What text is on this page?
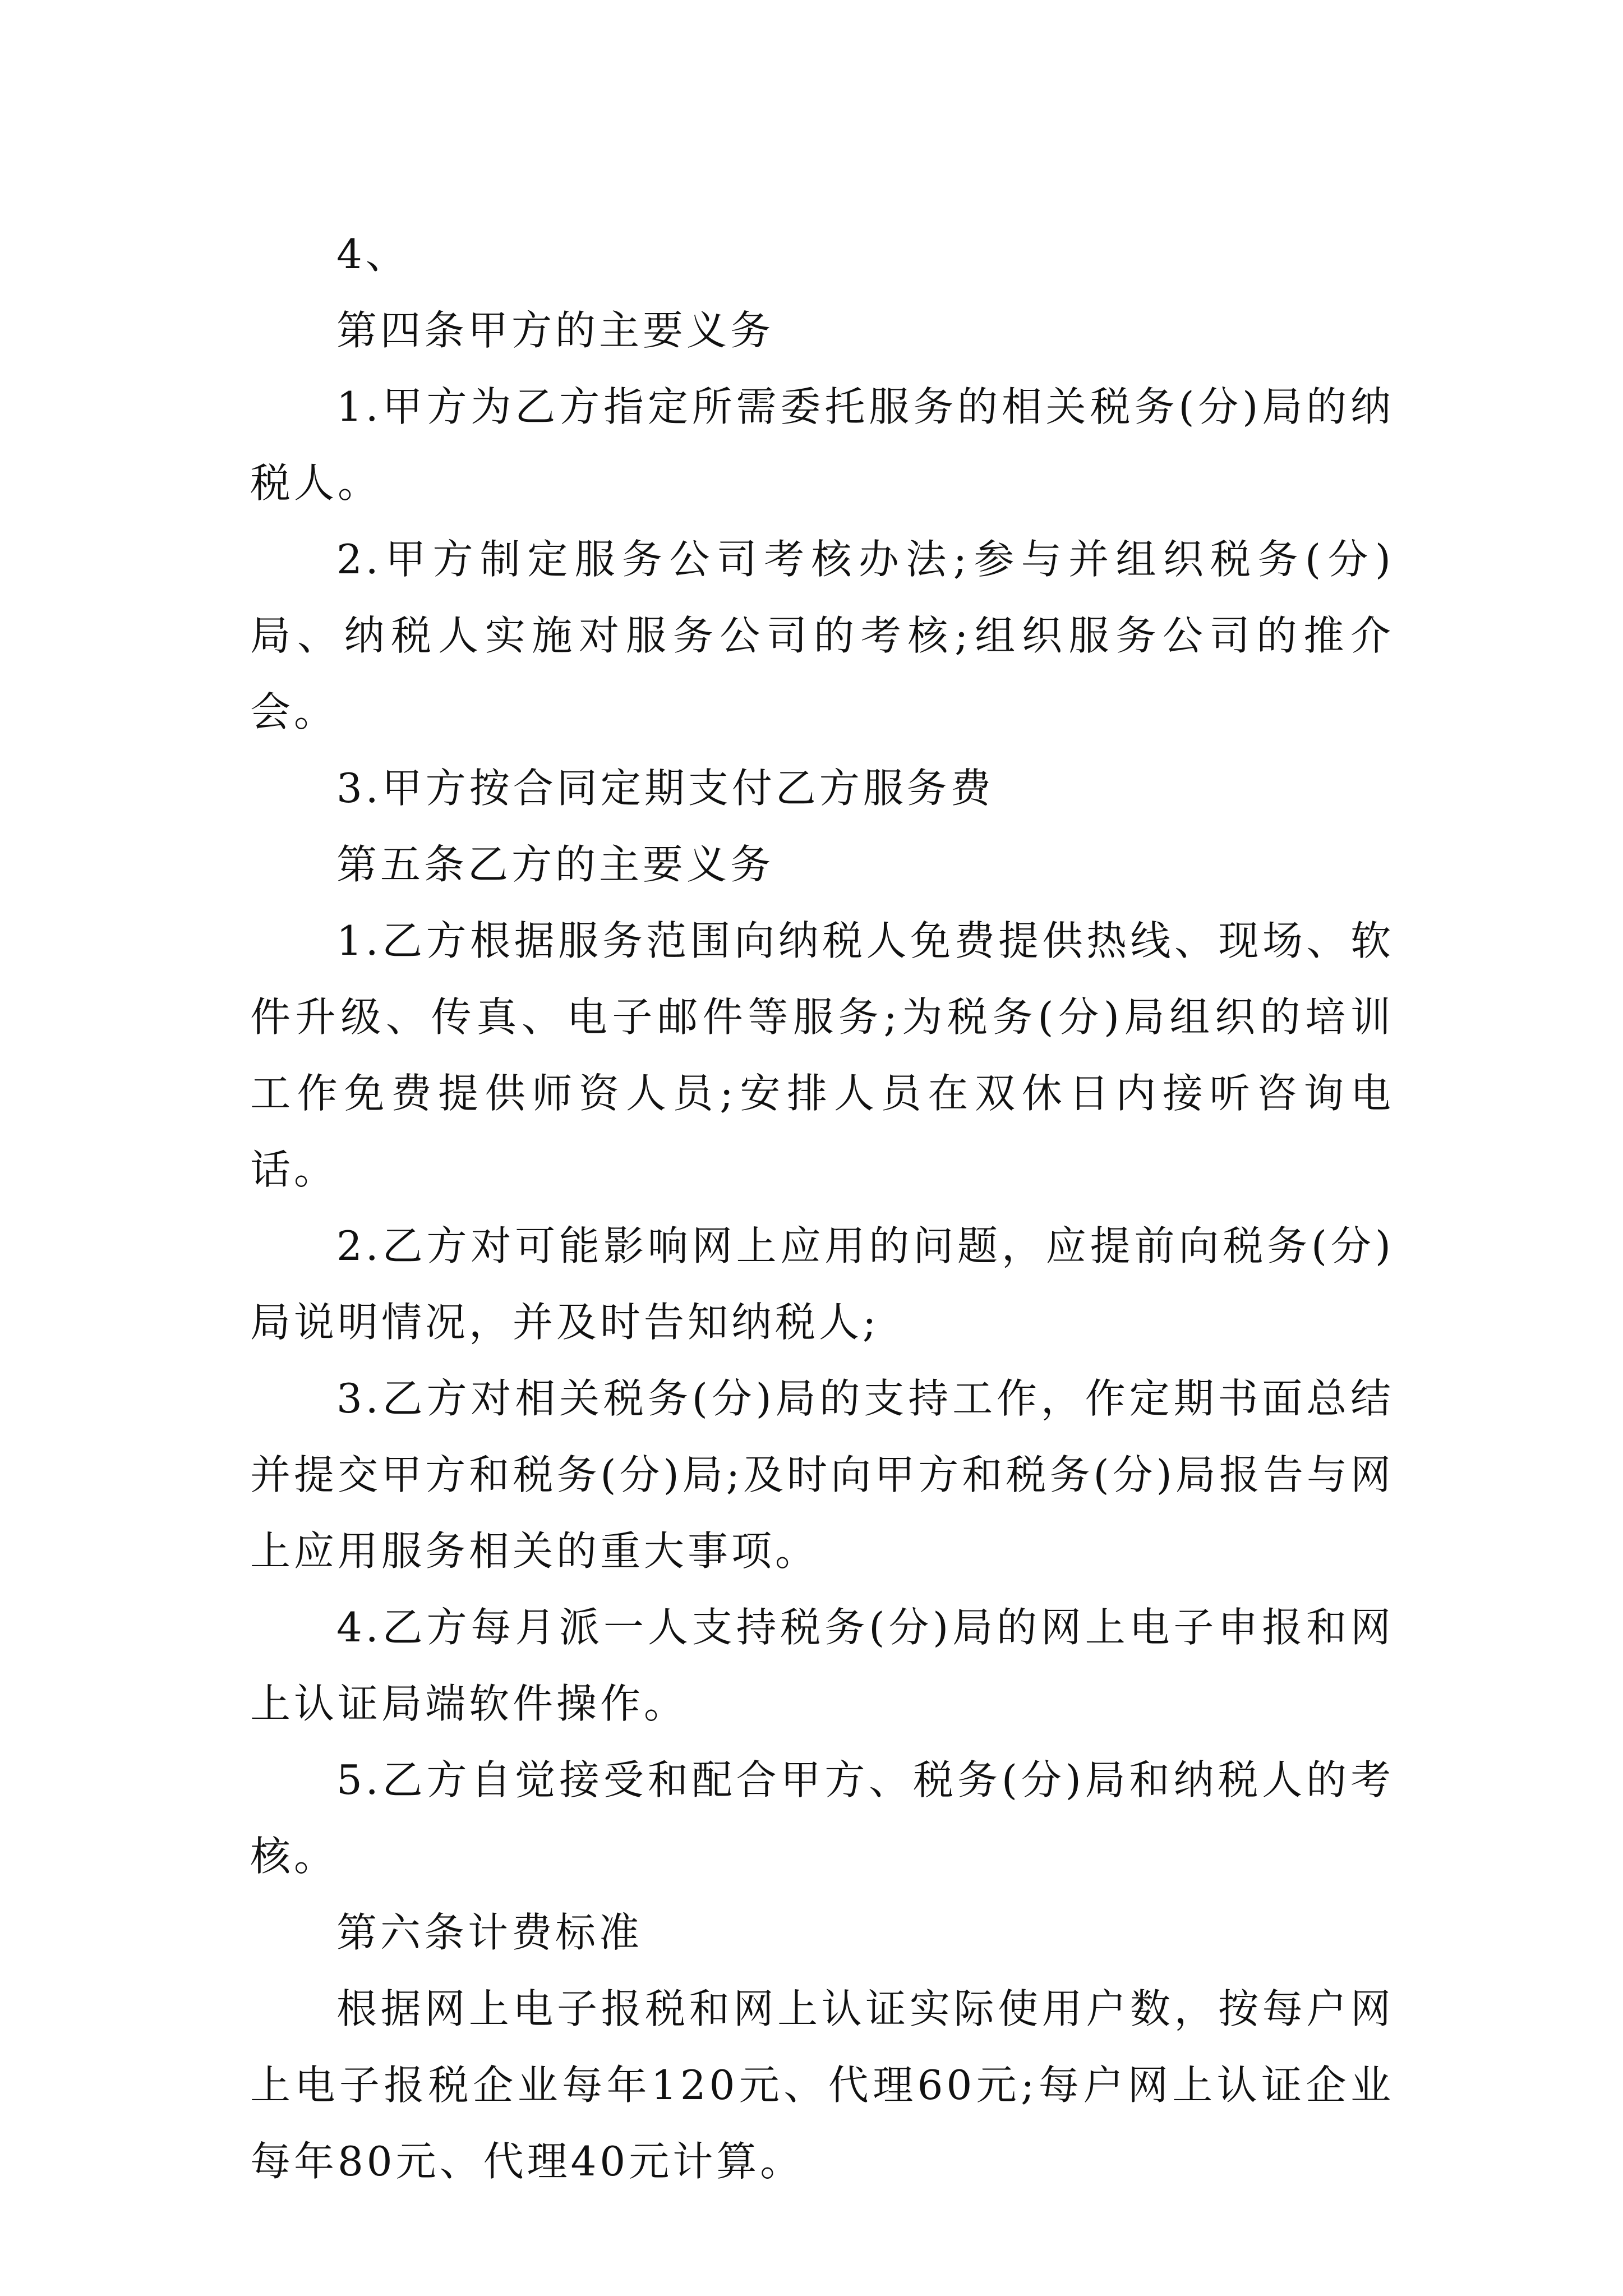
4、

第四条甲方的主要义务

1.甲方为乙方指定所需委托服务的相关税务(分)局的纳税人。

2.甲方制定服务公司考核办法;参与并组织税务(分)局、纳税人实施对服务公司的考核;组织服务公司的推介会。

3.甲方按合同定期支付乙方服务费

第五条乙方的主要义务

1.乙方根据服务范围向纳税人免费提供热线、现场、软件升级、传真、电子邮件等服务;为税务(分)局组织的培训工作免费提供师资人员;安排人员在双休日内接听咨询电话。

2.乙方对可能影响网上应用的问题，应提前向税务(分)局说明情况，并及时告知纳税人;

3.乙方对相关税务(分)局的支持工作，作定期书面总结并提交甲方和税务(分)局;及时向甲方和税务(分)局报告与网上应用服务相关的重大事项。

4.乙方每月派一人支持税务(分)局的网上电子申报和网上认证局端软件操作。

5.乙方自觉接受和配合甲方、税务(分)局和纳税人的考核。

第六条计费标准

根据网上电子报税和网上认证实际使用户数，按每户网上电子报税企业每年120元、代理60元;每户网上认证企业每年80元、代理40元计算。
